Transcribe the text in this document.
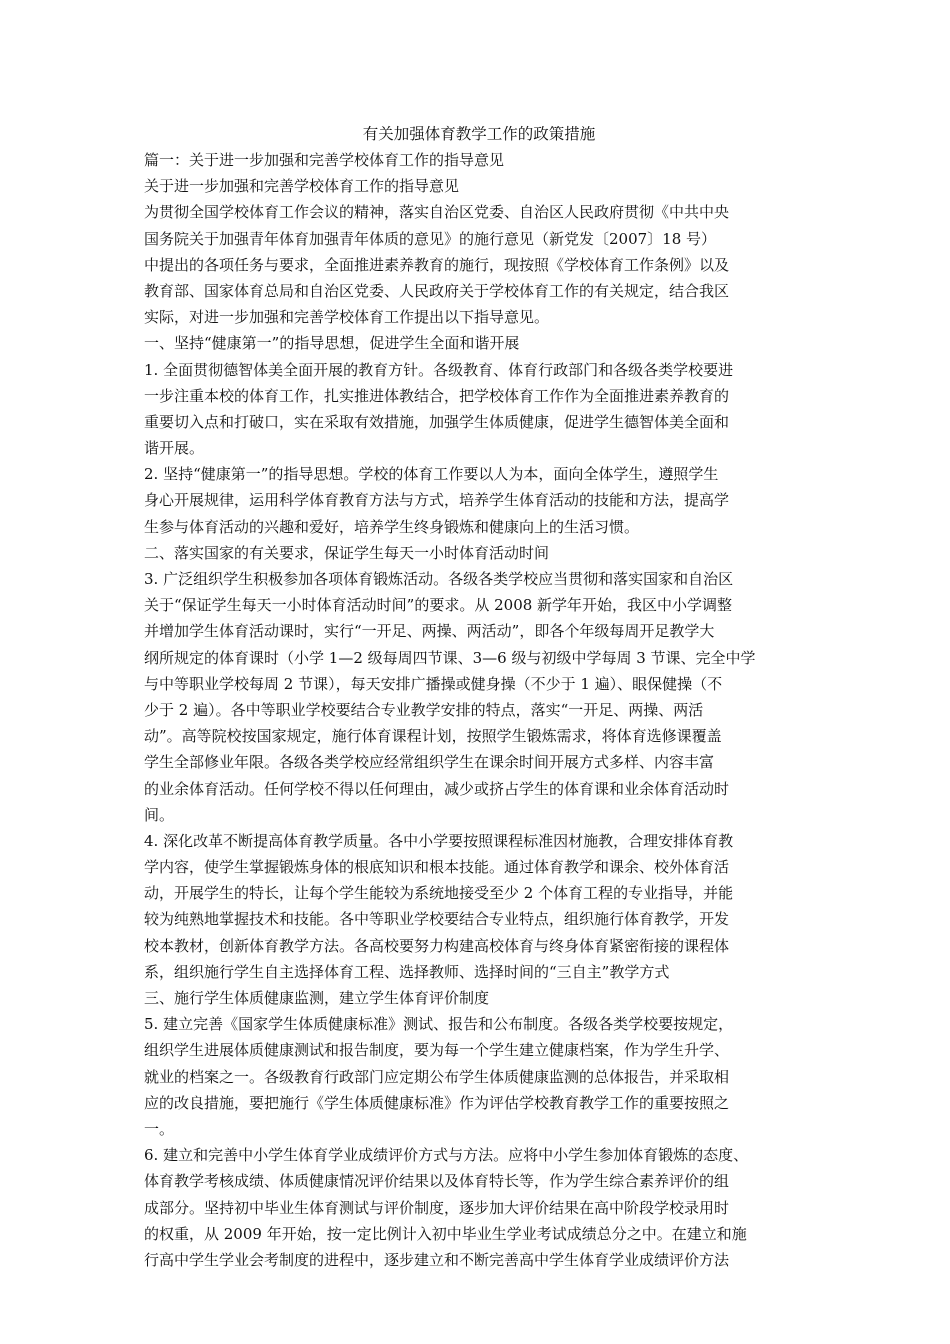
有关加强体育教学工作的政策措施
篇一：关于进一步加强和完善学校体育工作的指导意见
关于进一步加强和完善学校体育工作的指导意见
为贯彻全国学校体育工作会议的精神，落实自治区党委、自治区人民政府贯彻《中共中央
国务院关于加强青年体育加强青年体质的意见》的施行意见（新党发〔2007〕18 号）
中提出的各项任务与要求，全面推进素养教育的施行，现按照《学校体育工作条例》以及
教育部、国家体育总局和自治区党委、人民政府关于学校体育工作的有关规定，结合我区
实际，对进一步加强和完善学校体育工作提出以下指导意见。
一、坚持“健康第一”的指导思想，促进学生全面和谐开展
1. 全面贯彻德智体美全面开展的教育方针。各级教育、体育行政部门和各级各类学校要进
一步注重本校的体育工作，扎实推进体教结合，把学校体育工作作为全面推进素养教育的
重要切入点和打破口，实在采取有效措施，加强学生体质健康，促进学生德智体美全面和
谐开展。
2. 坚持“健康第一”的指导思想。学校的体育工作要以人为本，面向全体学生，遵照学生
身心开展规律，运用科学体育教育方法与方式，培养学生体育活动的技能和方法，提高学
生参与体育活动的兴趣和爱好，培养学生终身锻炼和健康向上的生活习惯。
二、落实国家的有关要求，保证学生每天一小时体育活动时间
3. 广泛组织学生积极参加各项体育锻炼活动。各级各类学校应当贯彻和落实国家和自治区
关于“保证学生每天一小时体育活动时间”的要求。从 2008 新学年开始，我区中小学调整
并增加学生体育活动课时，实行“一开足、两操、两活动”，即各个年级每周开足教学大
纲所规定的体育课时（小学 1—2 级每周四节课、3—6 级与初级中学每周 3 节课、完全中学
与中等职业学校每周 2 节课），每天安排广播操或健身操（不少于 1 遍）、眼保健操（不
少于 2 遍）。各中等职业学校要结合专业教学安排的特点，落实“一开足、两操、两活
动”。高等院校按国家规定，施行体育课程计划，按照学生锻炼需求，将体育选修课覆盖
学生全部修业年限。各级各类学校应经常组织学生在课余时间开展方式多样、内容丰富
的业余体育活动。任何学校不得以任何理由，减少或挤占学生的体育课和业余体育活动时
间。
4. 深化改革不断提高体育教学质量。各中小学要按照课程标准因材施教，合理安排体育教
学内容，使学生掌握锻炼身体的根底知识和根本技能。通过体育教学和课余、校外体育活
动，开展学生的特长，让每个学生能较为系统地接受至少 2 个体育工程的专业指导，并能
较为纯熟地掌握技术和技能。各中等职业学校要结合专业特点，组织施行体育教学，开发
校本教材，创新体育教学方法。各高校要努力构建高校体育与终身体育紧密衔接的课程体
系，组织施行学生自主选择体育工程、选择教师、选择时间的“三自主”教学方式
三、施行学生体质健康监测，建立学生体育评价制度
5. 建立完善《国家学生体质健康标准》测试、报告和公布制度。各级各类学校要按规定，
组织学生进展体质健康测试和报告制度，要为每一个学生建立健康档案，作为学生升学、
就业的档案之一。各级教育行政部门应定期公布学生体质健康监测的总体报告，并采取相
应的改良措施，要把施行《学生体质健康标准》作为评估学校教育教学工作的重要按照之
一。
6. 建立和完善中小学生体育学业成绩评价方式与方法。应将中小学生参加体育锻炼的态度、
体育教学考核成绩、体质健康情况评价结果以及体育特长等，作为学生综合素养评价的组
成部分。坚持初中毕业生体育测试与评价制度，逐步加大评价结果在高中阶段学校录用时
的权重，从 2009 年开始，按一定比例计入初中毕业生学业考试成绩总分之中。在建立和施
行高中学生学业会考制度的进程中，逐步建立和不断完善高中学生体育学业成绩评价方法
